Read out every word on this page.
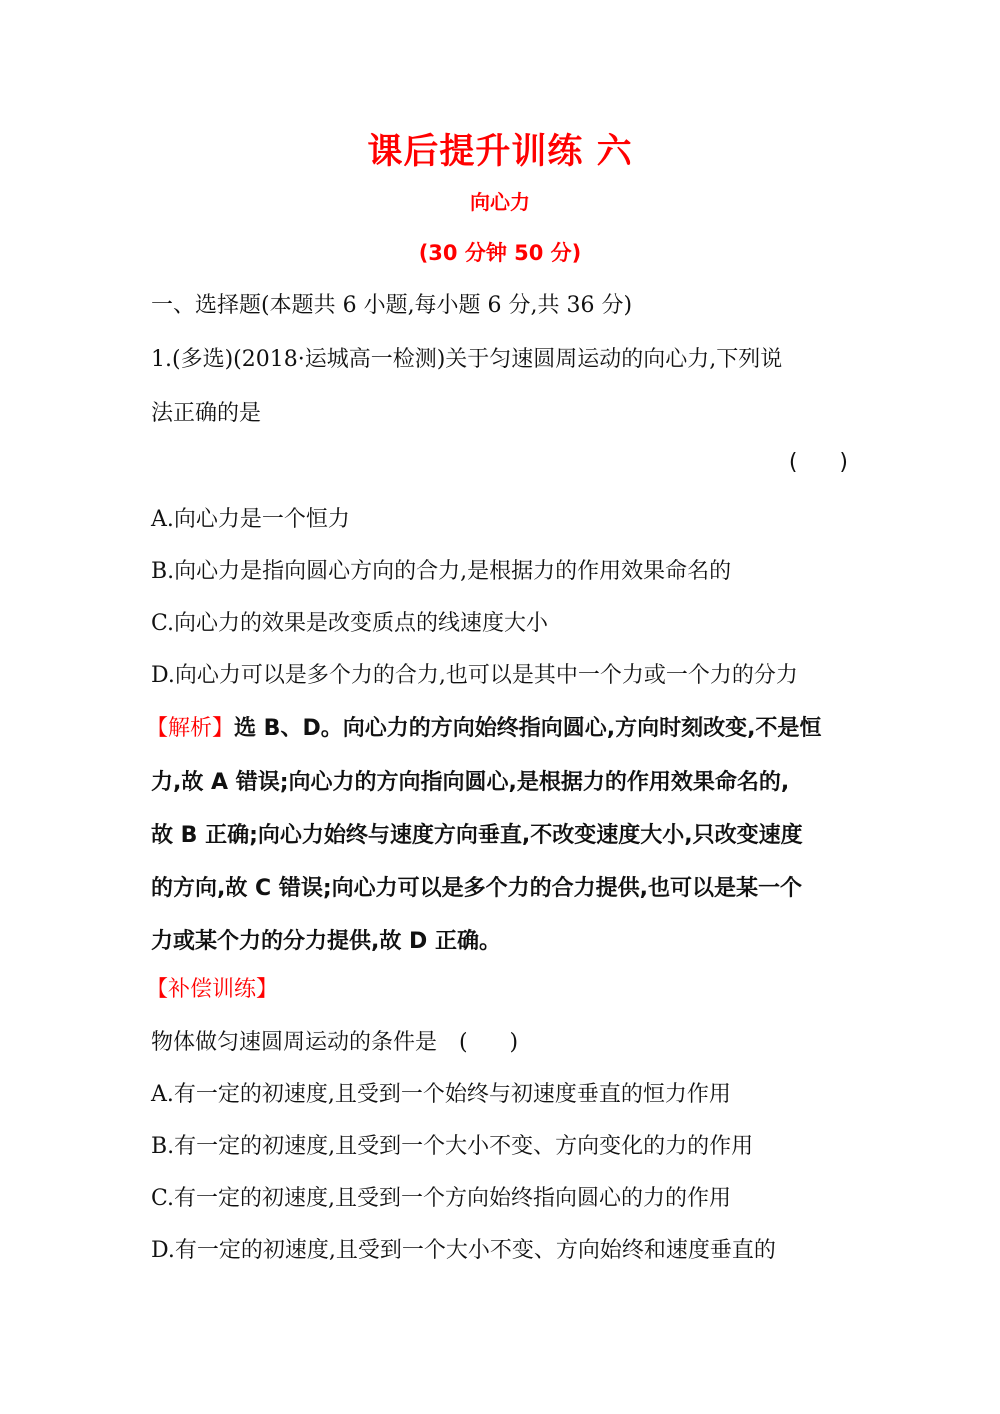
课后提升训练 六
向心力
(30 分钟 50 分)
一、选择题(本题共 6 小题,每小题 6 分,共 36 分)
1.(多选)(2018·运城高一检测)关于匀速圆周运动的向心力,下列说
法正确的是
(      )
A.向心力是一个恒力
B.向心力是指向圆心方向的合力,是根据力的作用效果命名的
C.向心力的效果是改变质点的线速度大小
D.向心力可以是多个力的合力,也可以是其中一个力或一个力的分力
【解析】选 B、D。向心力的方向始终指向圆心,方向时刻改变,不是恒
力,故 A 错误;向心力的方向指向圆心,是根据力的作用效果命名的,
故 B 正确;向心力始终与速度方向垂直,不改变速度大小,只改变速度
的方向,故 C 错误;向心力可以是多个力的合力提供,也可以是某一个
力或某个力的分力提供,故 D 正确。
【补偿训练】
物体做匀速圆周运动的条件是 (      )
A.有一定的初速度,且受到一个始终与初速度垂直的恒力作用
B.有一定的初速度,且受到一个大小不变、方向变化的力的作用
C.有一定的初速度,且受到一个方向始终指向圆心的力的作用
D.有一定的初速度,且受到一个大小不变、方向始终和速度垂直的
